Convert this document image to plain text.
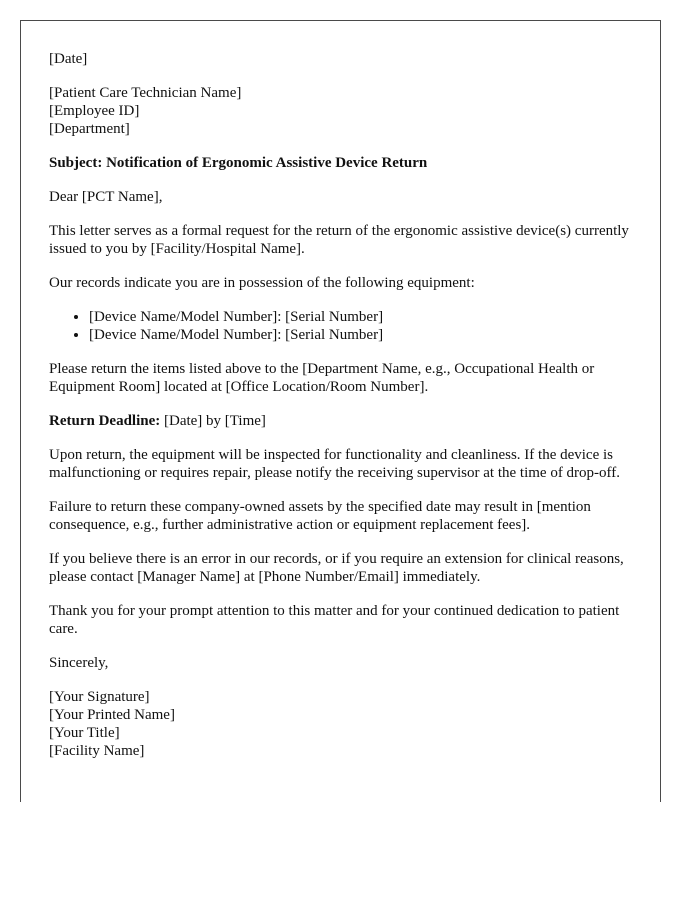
[Date]

[Patient Care Technician Name]
[Employee ID]
[Department]

Subject: Notification of Ergonomic Assistive Device Return

Dear [PCT Name],

This letter serves as a formal request for the return of the ergonomic assistive device(s) currently issued to you by [Facility/Hospital Name].

Our records indicate you are in possession of the following equipment:

• [Device Name/Model Number]: [Serial Number]
• [Device Name/Model Number]: [Serial Number]

Please return the items listed above to the [Department Name, e.g., Occupational Health or Equipment Room] located at [Office Location/Room Number].

Return Deadline: [Date] by [Time]

Upon return, the equipment will be inspected for functionality and cleanliness. If the device is malfunctioning or requires repair, please notify the receiving supervisor at the time of drop-off.

Failure to return these company-owned assets by the specified date may result in [mention consequence, e.g., further administrative action or equipment replacement fees].

If you believe there is an error in our records, or if you require an extension for clinical reasons, please contact [Manager Name] at [Phone Number/Email] immediately.

Thank you for your prompt attention to this matter and for your continued dedication to patient care.

Sincerely,

[Your Signature]
[Your Printed Name]
[Your Title]
[Facility Name]
